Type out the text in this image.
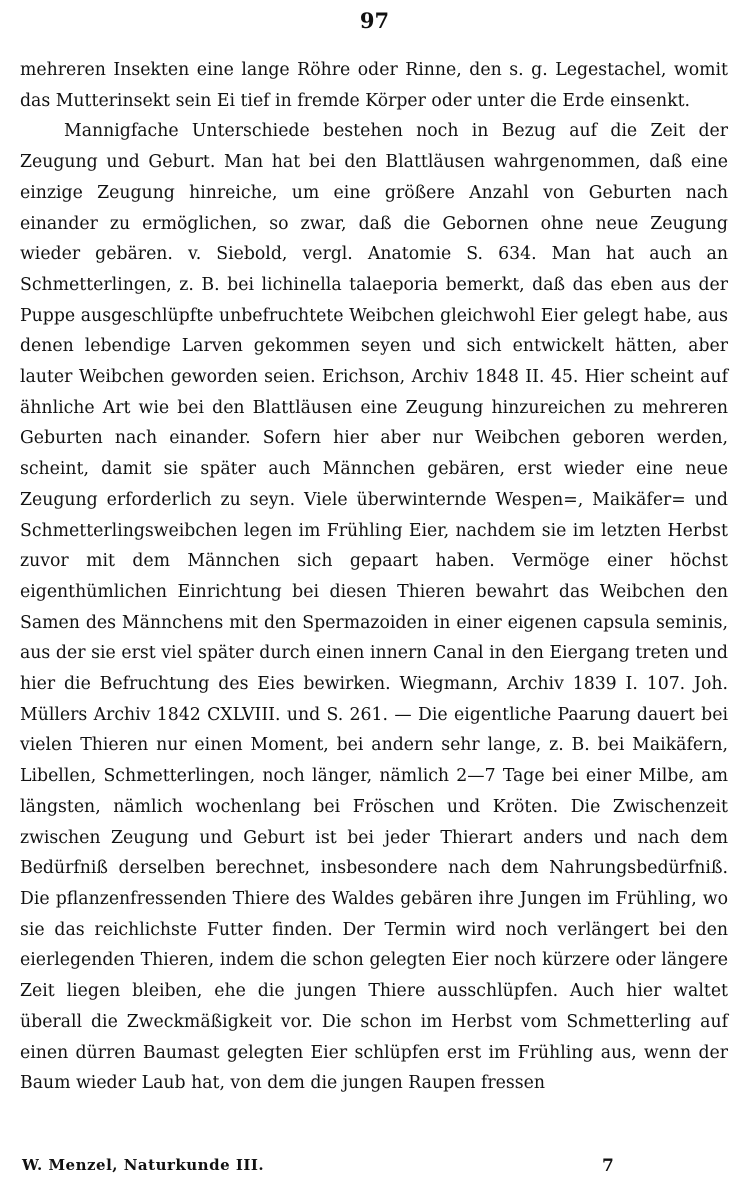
97

mehreren Insekten eine lange Röhre oder Rinne, den s. g. Legestachel, womit das Mutterinsekt sein Ei tief in fremde Körper oder unter die Erde einsenkt.

Mannigfache Unterschiede bestehen noch in Bezug auf die Zeit der Zeugung und Geburt. Man hat bei den Blattläusen wahrgenommen, daß eine einzige Zeugung hinreiche, um eine größere Anzahl von Geburten nach einander zu ermöglichen, so zwar, daß die Gebornen ohne neue Zeugung wieder gebären. v. Siebold, vergl. Anatomie S. 634. Man hat auch an Schmetterlingen, z. B. bei lichinella talaeporia bemerkt, daß das eben aus der Puppe ausgeschlüpfte unbefruchtete Weibchen gleichwohl Eier gelegt habe, aus denen lebendige Larven gekommen seyen und sich entwickelt hätten, aber lauter Weibchen geworden seien. Erichson, Archiv 1848 II. 45. Hier scheint auf ähnliche Art wie bei den Blattläusen eine Zeugung hinzureichen zu mehreren Geburten nach einander. Sofern hier aber nur Weibchen geboren werden, scheint, damit sie später auch Männchen gebären, erst wieder eine neue Zeugung erforderlich zu seyn. Viele überwinternde Wespen=, Maikäfer= und Schmetterlingsweibchen legen im Frühling Eier, nachdem sie im letzten Herbst zuvor mit dem Männchen sich gepaart haben. Vermöge einer höchst eigenthümlichen Einrichtung bei diesen Thieren bewahrt das Weibchen den Samen des Männchens mit den Spermazoiden in einer eigenen capsula seminis, aus der sie erst viel später durch einen innern Canal in den Eiergang treten und hier die Befruchtung des Eies bewirken. Wiegmann, Archiv 1839 I. 107. Joh. Müllers Archiv 1842 CXLVIII. und S. 261. — Die eigentliche Paarung dauert bei vielen Thieren nur einen Moment, bei andern sehr lange, z. B. bei Maikäfern, Libellen, Schmetterlingen, noch länger, nämlich 2—7 Tage bei einer Milbe, am längsten, nämlich wochenlang bei Fröschen und Kröten. Die Zwischenzeit zwischen Zeugung und Geburt ist bei jeder Thierart anders und nach dem Bedürfniß derselben berechnet, insbesondere nach dem Nahrungsbedürfniß. Die pflanzenfressenden Thiere des Waldes gebären ihre Jungen im Frühling, wo sie das reichlichste Futter finden. Der Termin wird noch verlängert bei den eierlegenden Thieren, indem die schon gelegten Eier noch kürzere oder längere Zeit liegen bleiben, ehe die jungen Thiere ausschlüpfen. Auch hier waltet überall die Zweckmäßigkeit vor. Die schon im Herbst vom Schmetterling auf einen dürren Baumast gelegten Eier schlüpfen erst im Frühling aus, wenn der Baum wieder Laub hat, von dem die jungen Raupen fressen

W. Menzel, Naturkunde III.	7
